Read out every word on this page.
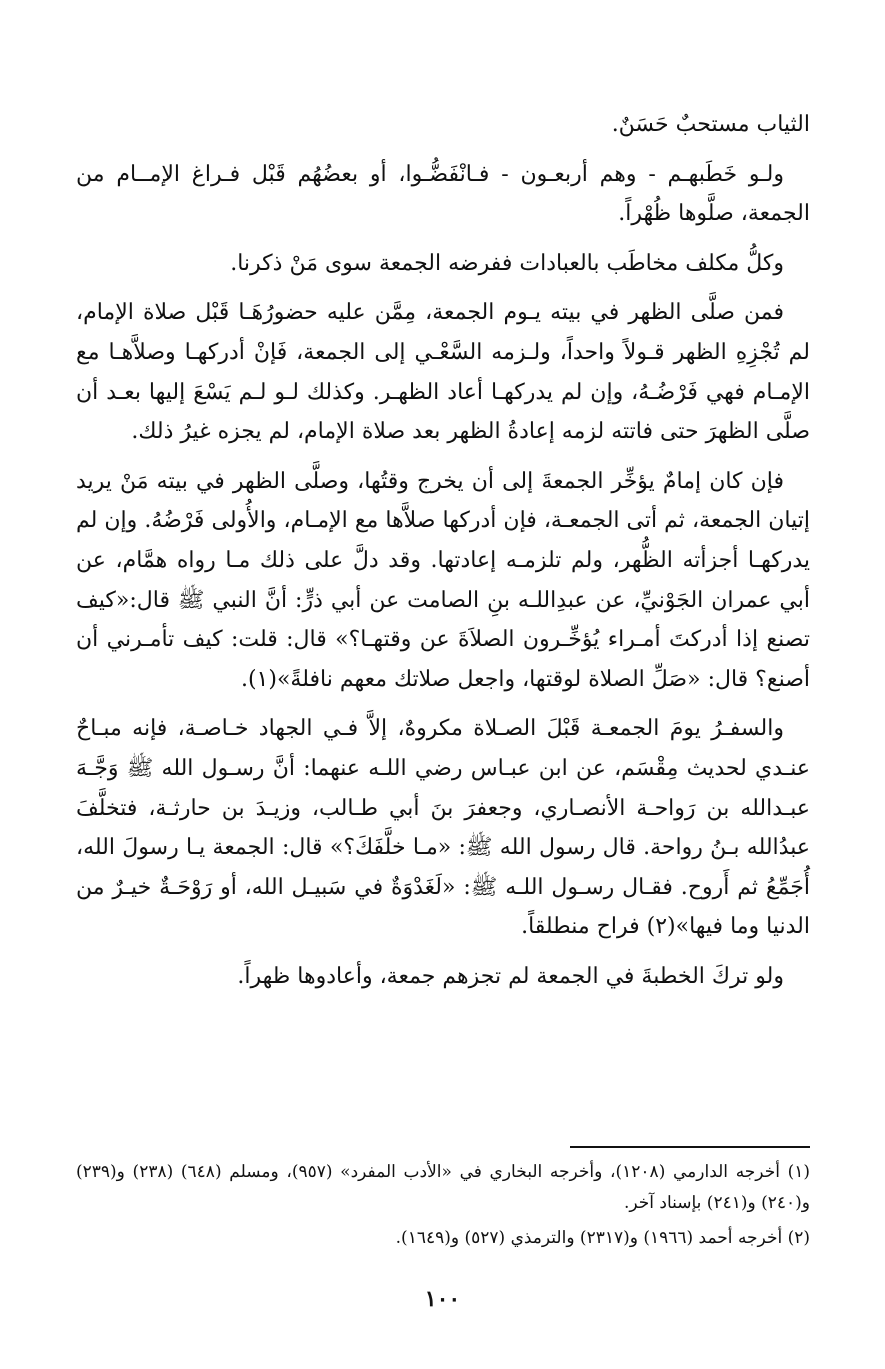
الثياب مستحبٌ حَسَنٌ.

ولـو خَطَبهـم - وهم أربعـون - فـانْفَضُّـوا، أو بعضُهُم قَبْل فـراغ الإمــام من الجمعة، صلَّوها ظُهْراً.

وكلُّ مكلف مخاطَب بالعبادات ففرضه الجمعة سوى مَنْ ذكرنا.

فمن صلَّى الظهر في بيته يـوم الجمعة، مِمَّن عليه حضورُهَـا قَبْل صلاة الإمام، لم تُجْزِهِ الظهر قـولاً واحداً، ولـزمه السَّعْـي إلى الجمعة، فَإنْ أدركهـا وصلاَّهـا مع الإمـام فهي فَرْضُـهُ، وإن لم يدركهـا أعاد الظهـر. وكذلك لـو لـم يَسْعَ إليها بعـد أن صلَّى الظهرَ حتى فاتته لزمه إعادةُ الظهر بعد صلاة الإمام، لم يجزه غيرُ ذلك.

فإن كان إمامٌ يؤخِّر الجمعةَ إلى أن يخرج وقتُها، وصلَّى الظهر في بيته مَنْ يريد إتيان الجمعة، ثم أتى الجمعـة، فإن أدركها صلاَّها مع الإمـام، والأُولى فَرْضُهُ. وإن لم يدركهـا أجزأته الظُّهر، ولم تلزمـه إعادتها. وقد دلَّ على ذلك مـا رواه همَّام، عن أبي عمران الجَوْنيِّ، عن عبدِاللـه بنِ الصامت عن أبي ذرٍّ: أنَّ النبي ﷺ قال:«كيف تصنع إذا أدركتَ أمـراء يُؤخِّـرون الصلاَةَ عن وقتهـا؟» قال: قلت: كيف تأمـرني أن أصنع؟ قال: «صَلِّ الصلاة لوقتها، واجعل صلاتك معهم نافلةً»(١).

والسفـرُ يومَ الجمعـة قَبْلَ الصـلاة مكروهٌ، إلاَّ فـي الجهاد خـاصـة، فإنه مبـاحٌ عنـدي لحديث مِقْسَم، عن ابن عبـاس رضي اللـه عنهما: أنَّ رسـول الله ﷺ وَجَّـهَ عبـدالله بن رَواحـة الأنصـاري، وجعفرَ بنَ أبي طـالب، وزيـدَ بن حارثـة، فتخلَّفَ عبدُالله بـنُ رواحة. قال رسول الله ﷺ: «مـا خلَّفَكَ؟» قال: الجمعة يـا رسولَ الله، أُجَمِّعُ ثم أَروح. فقـال رسـول اللـه ﷺ: «لَغَدْوَةٌ في سَبيـل الله، أو رَوْحَـةٌ خيـرٌ من الدنيا وما فيها»(٢) فراح منطلقاً.

ولو تركَ الخطبةَ في الجمعة لم تجزهم جمعة، وأعادوها ظهراً.

(١) أخرجه الدارمي (١٢٠٨)، وأخرجه البخاري في «الأدب المفرد» (٩٥٧)، ومسلم (٦٤٨) (٢٣٨) و(٢٣٩) و(٢٤٠) و(٢٤١) بإسناد آخر.

(٢) أخرجه أحمد (١٩٦٦) و(٢٣١٧) والترمذي (٥٢٧) و(١٦٤٩).

١٠٠
